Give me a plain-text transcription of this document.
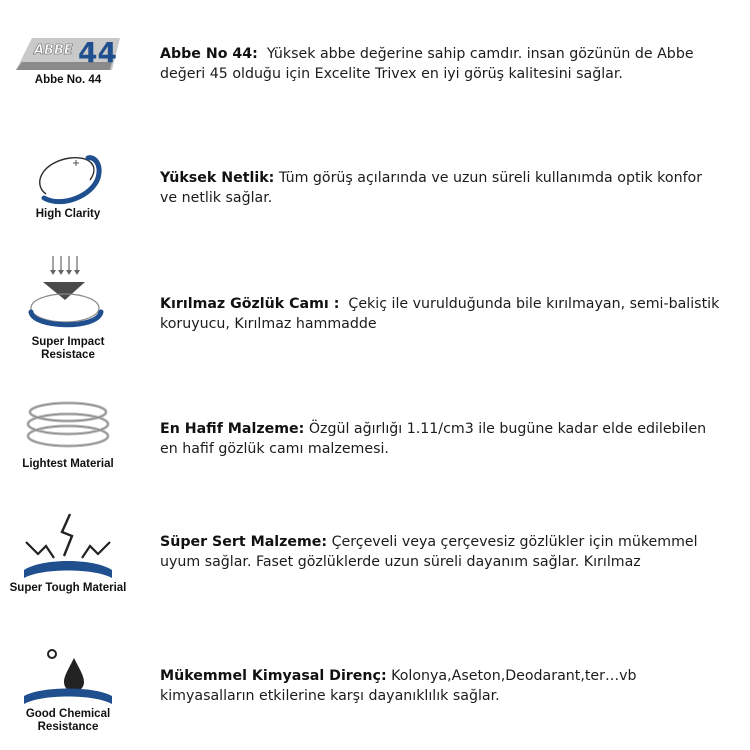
ABBE 44
Abbe No. 44
Abbe No 44: Yüksek abbe değerine sahip camdır. insan gözünün de Abbe değeri 45 olduğu için Excelite Trivex en iyi görüş kalitesini sağlar.
High Clarity
Yüksek Netlik: Tüm görüş açılarında ve uzun süreli kullanımda optik konfor ve netlik sağlar.
Super Impact Resistace
Kırılmaz Gözlük Camı : Çekiç ile vurulduğunda bile kırılmayan, semi-balistik koruyucu, Kırılmaz hammadde
Lightest Material
En Hafif Malzeme: Özgül ağırlığı 1.11/cm3 ile bugüne kadar elde edilebilen en hafif gözlük camı malzemesi.
Super Tough Material
Süper Sert Malzeme: Çerçeveli veya çerçevesiz gözlükler için mükemmel uyum sağlar. Faset gözlüklerde uzun süreli dayanım sağlar. Kırılmaz
Good Chemical Resistance
Mükemmel Kimyasal Direnç: Kolonya,Aseton,Deodarant,ter…vb kimyasalların etkilerine karşı dayanıklılık sağlar.
